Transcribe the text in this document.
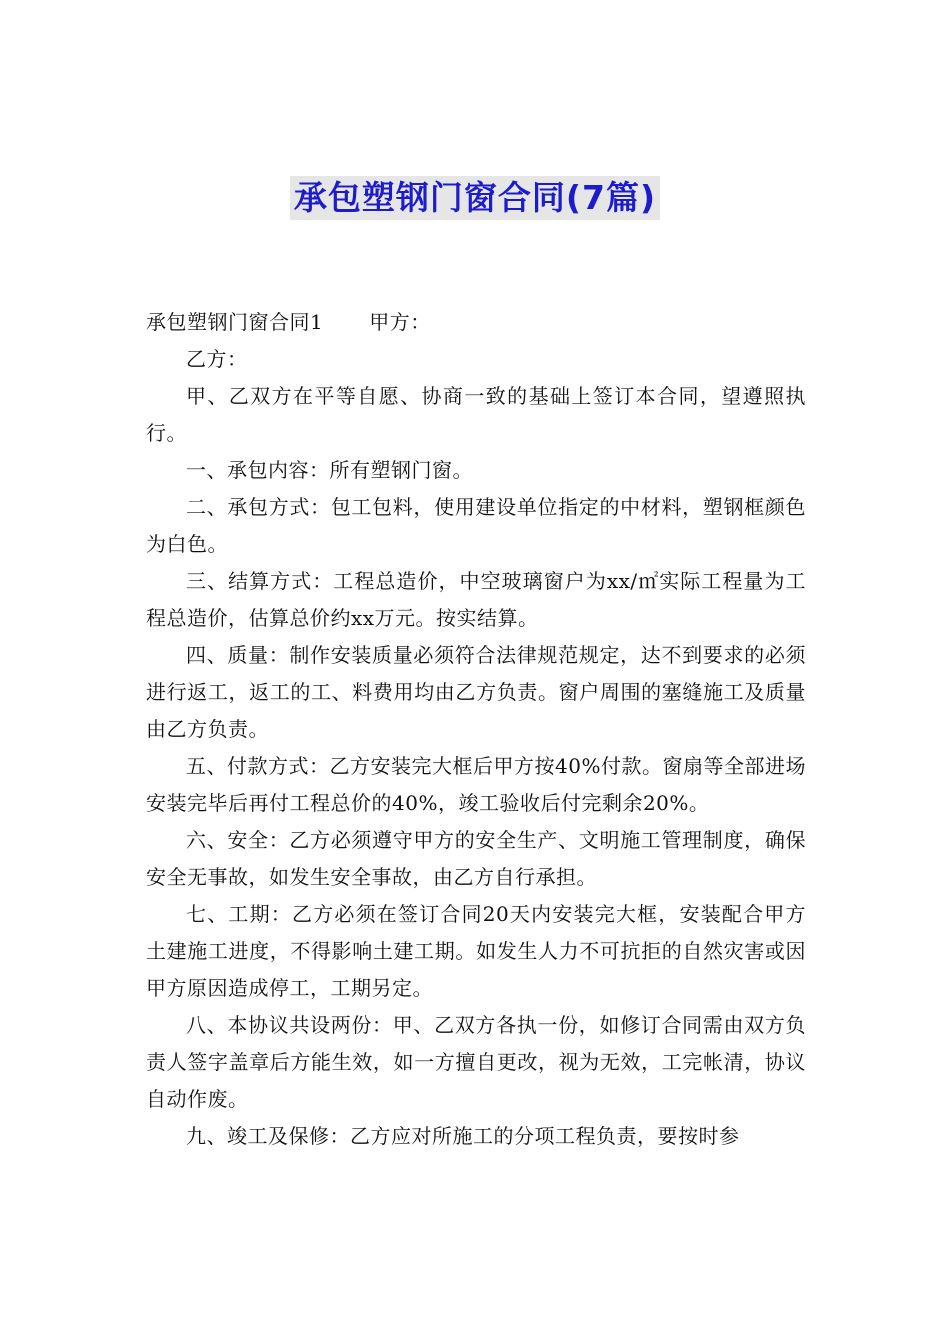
承包塑钢门窗合同(7篇)

承包塑钢门窗合同1 甲方：

乙方：

甲、乙双方在平等自愿、协商一致的基础上签订本合同，望遵照执行。

一、承包内容：所有塑钢门窗。

二、承包方式：包工包料，使用建设单位指定的中材料，塑钢框颜色为白色。

三、结算方式：工程总造价，中空玻璃窗户为xx/㎡实际工程量为工程总造价，估算总价约xx万元。按实结算。

四、质量：制作安装质量必须符合法律规范规定，达不到要求的必须进行返工，返工的工、料费用均由乙方负责。窗户周围的塞缝施工及质量由乙方负责。

五、付款方式：乙方安装完大框后甲方按40%付款。窗扇等全部进场安装完毕后再付工程总价的40%，竣工验收后付完剩余20%。

六、安全：乙方必须遵守甲方的安全生产、文明施工管理制度，确保安全无事故，如发生安全事故，由乙方自行承担。

七、工期：乙方必须在签订合同20天内安装完大框，安装配合甲方土建施工进度，不得影响土建工期。如发生人力不可抗拒的自然灾害或因甲方原因造成停工，工期另定。

八、本协议共设两份：甲、乙双方各执一份，如修订合同需由双方负责人签字盖章后方能生效，如一方擅自更改，视为无效，工完帐清，协议自动作废。

九、竣工及保修：乙方应对所施工的分项工程负责，要按时参
